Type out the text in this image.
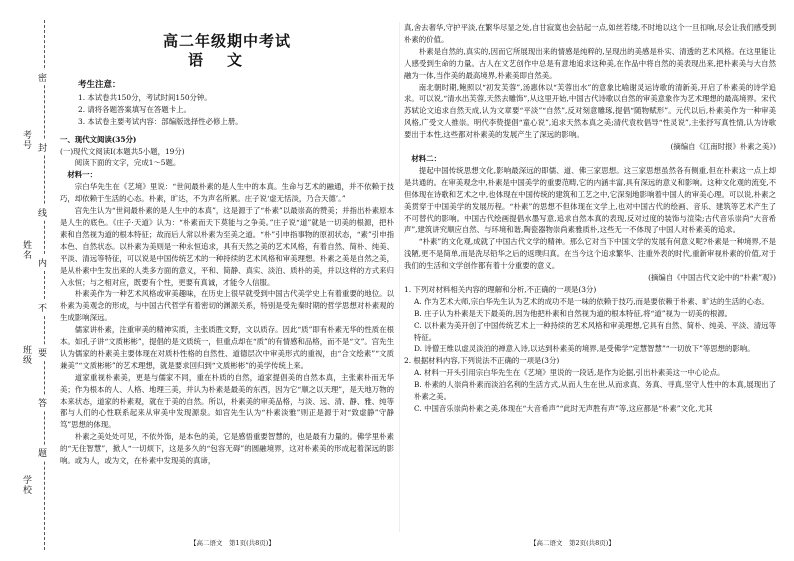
考号
姓名
班级
学校
密
封
线
内
不
要
答
题

高二年级期中考试

语文

考生注意：

1. 本试卷共150分，考试时间150分钟。

2. 请将各题答案填写在答题卡上。

3. 本试卷主要考试内容：部编版选择性必修上册。

一、现代文阅读(35分)

(一)现代文阅读Ⅰ(本题共5小题，19分)

阅读下面的文字，完成1～5题。

材料一：

宗白华先生在《艺境》里说：“世间最朴素的是人生中的本真。生命与艺术的融通，并不依赖于技巧，却依赖于生活的心态。朴素，旷达，不为声名所累。庄子说‘虚无恬淡，乃合天德’。”

宫先生认为“世间最朴素的是人生中的本真”，这是源于了“朴素”以最崇高的赞美；并指出朴素原本是人生的底色。《庄子·天道》认为：“朴素而天下莫能与之争美。”庄子说“道”就是一切美的根源，把朴素和自然视为道的根本特征；故而后人常以朴素为至美之道。“朴”引申指事物的原初状态，“素”引申指本色、自然状态。以朴素为美则是一种永恒追求，具有天然之美的艺术风格，有着自然、简朴、纯美、平淡、清远等特征，可以说是中国传统艺术的一种持续的艺术风格和审美理想。朴素之美是自然之美，是从朴素中生发出来的人类多方面的意义，平和、简静、真实、淡泊、质朴的美，并以这样的方式来归入永恒；与之相对应，既要有个性，更要有真诚，才能令人信服。

朴素美作为一种艺术风格或审美趣味，在历史上很早就受到中国古代美学史上有着重要的地位。以朴素为美观念的形成，与中国古代哲学有着密切的渊源关系，特别是受先秦时期的哲学思想对朴素观的生成影响深远。

儒家讲朴素，注重审美的精神实质，主张质胜文野，文以质存。因此“质”即有朴素无华的性质在根本。如孔子讲“文质彬彬”，提倡的是文质统一，但重点却在“质”的有情感和品格，而不是“文”。宫先生认为儒家的朴素美主要体现在对质朴性格的自然性、道德层次中审美形式的重视，由“合文绘素”“文质兼美”“文质彬彬”的艺术理想，就是要求回归到“文质彬彬”的美学传统上来。

道家重视朴素美，更是与儒家不同，重在朴质的自然，道家提倡美的自然本真，主张素朴而无华美；作为根本的人、人格、地理三美，并认为朴素是最美的东西，因为它“顺之以天理”，是天地万物的本来状态，道家的朴素观，就在于美的自然。所以，朴素美的审美品格，与淡、远、清、静、雅、纯等都与人们的心性联系起来从审美中发现源泉。如宫先生认为“朴素淡雅”则正是源于对“致虚静”守静笃”思想的体现。

朴素之美处处可见，不依外饰，是本色的美，它是感悟重要智慧的，也是最有力量的。佛学里朴素的“无住智慧”，掀人“一切烦下，这是多久的“包容无碍”的圆融境界，这对朴素美的形成起着深远的影响。或为人，或为文，在朴素中发现美的真谛，

真,舍去奢华,守护平淡,在繁华尽显之处,自甘寂寞也会拈起一点,如丝若缕,不时地以这个一旦扣响,尽会让我们感受到朴素的价值。

朴素是自然的,真实的,因而它所展现出来的情感是纯粹的,呈现出的美感是朴实、清透的艺术风格。在这里能让人感受到生命的力量。古人在文艺创作中总是有意地追求这种美,在作品中将自然的美表现出来,把朴素美与大自然融为一体,当作美的最高境界,朴素美即自然美。

南北朝时期,鲍照以“初发芙蓉”,汤惠休以“芙蓉出水”的意象比喻谢灵运诗歌的清新美,开启了朴素美的诗学追求。可以说,“清水出芙蓉,天然去雕饰”,从这里开始,中国古代诗歌以自然的审美意象作为艺术理想的最高境界。宋代苏轼论文追求自然天成,认为文章要“平淡”“自然”,反对刻意雕琢,提倡“随物赋形”。元代以后,朴素美作为一种审美风格,广受文人推崇。明代李贽提倡“童心说”,追求天然本真之美;清代袁枚倡导“性灵说”,主张抒写真性情,认为诗歌要出于本性,这些都对朴素美的发展产生了深远的影响。

(摘编自《江南时报》朴素之美》)

材料二：

提起中国传统思想文化,影响最深远的即儒、道、佛三家思想。这三家思想虽然各有侧重,但在朴素这一点上却是共通的。在审美观念中,朴素是中国美学的重要范畴,它的内涵丰富,具有深远的意义和影响。这种文化观的流变,不但体现在诗歌和艺术之中,也体现在中国传统的建筑和工艺之中,它深刻地影响着中国人的审美心理。可以说,朴素之美贯穿于中国美学的发展历程。“朴素”的思想不但体现在文学上,也对中国古代的绘画、音乐、建筑等艺术产生了不可替代的影响。中国古代绘画提倡水墨写意,追求自然本真的表现,反对过度的装饰与渲染;古代音乐崇尚“大音希声”,建筑讲究顺应自然、与环境和谐,陶瓷器物崇尚素雅质朴,这些无一不体现了中国人对朴素美的追求。

“朴素”的文化观,成就了中国古代文学的精神。那么它对当下中国文学的发展有何意义呢?朴素是一种境界,不是浅陋,更不是简单,而是洗尽铅华之后的返璞归真。在当今这个追求繁华、注重外表的时代,重新审视朴素的价值,对于我们的生活和文学创作都有着十分重要的意义。

(摘编自《中国古代文论中的“朴素”观》)

1. 下列对材料相关内容的理解和分析,不正确的一项是(3分)

A. 作为艺术大师,宗白华先生认为艺术的成功不是一味的依赖于技巧,而是要依赖于朴素、旷达的生活的心态。

B. 庄子认为朴素是天下最美的,因为他把朴素和自然视为道的根本特征,将“道”视为一切美的根源。

C. 以朴素为美开创了中国传统艺术上一种持续的艺术风格和审美理想,它具有自然、简朴、纯美、平淡、清远等特征。

D. 诗僧王维以虚灵淡泊的禅意入诗,以达到朴素美的境界,是受佛学“定慧智慧”“一切放下”等思想的影响。

2. 根据材料内容,下列说法不正确的一项是(3分)

A. 材料一开头引用宗白华先生在《艺境》里说的一段话,是作为论据,引出朴素美这一中心论点。

B. 朴素的人崇尚朴素而淡泊名利的生活方式,从而人生在世,从而求真、务真、寻真,坚守人性中的本真,展现出了朴素之美。

C. 中国音乐崇尚朴素之美,体现在“大音希声”“此时无声胜有声”等,这应都是“朴素”文化,尤其

【高二语文　第1页(共8页)】	【高二语文　第2页(共8页)】
